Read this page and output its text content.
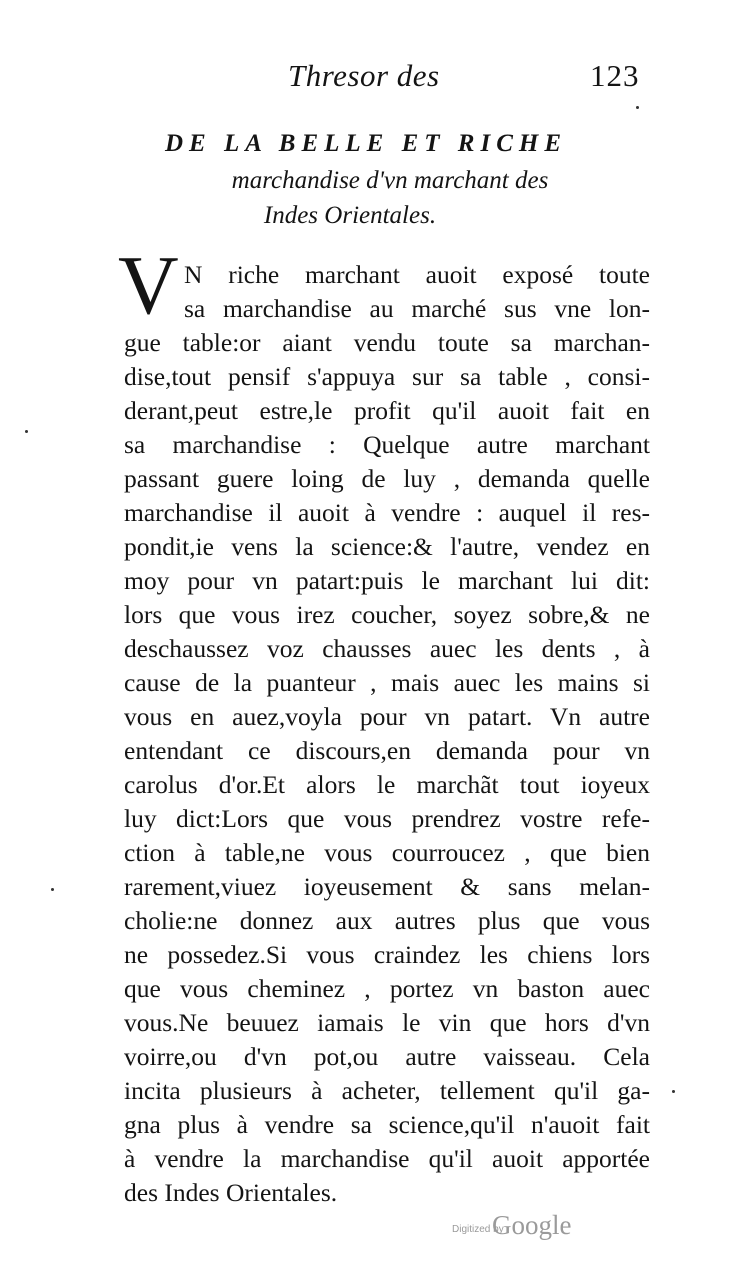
Thresor des	123
DE LA BELLE ET RICHE
marchandise d'vn marchant des
Indes Orientales.
V N riche marchant auoit exposé toute
sa marchandise au marché sus vne lon-
gue table:or aiant vendu toute sa marchan-
dise,tout pensif s'appuya sur sa table , consi-
derant,peut estre,le profit qu'il auoit fait en
sa marchandise : Quelque autre marchant
passant guere loing de luy , demanda quelle
marchandise il auoit à vendre : auquel il res-
pondit,ie vens la science:& l'autre, vendez en
moy pour vn patart:puis le marchant lui dit:
lors que vous irez coucher, soyez sobre,& ne
deschaussez voz chausses auec les dents , à
cause de la puanteur , mais auec les mains si
vous en auez,voyla pour vn patart. Vn autre
entendant ce discours,en demanda pour vn
carolus d'or.Et alors le marchãt tout ioyeux
luy dict:Lors que vous prendrez vostre refe-
ction à table,ne vous courroucez , que bien
rarement,viuez ioyeusement & sans melan-
cholie:ne donnez aux autres plus que vous
ne possedez.Si vous craindez les chiens lors
que vous cheminez , portez vn baston auec
vous.Ne beuuez iamais le vin que hors d'vn
voirre,ou d'vn pot,ou autre vaisseau. Cela
incita plusieurs à acheter, tellement qu'il ga-
gna plus à vendre sa science,qu'il n'auoit fait
à vendre la marchandise qu'il auoit apportée
des Indes Orientales.
Digitized by
Google
